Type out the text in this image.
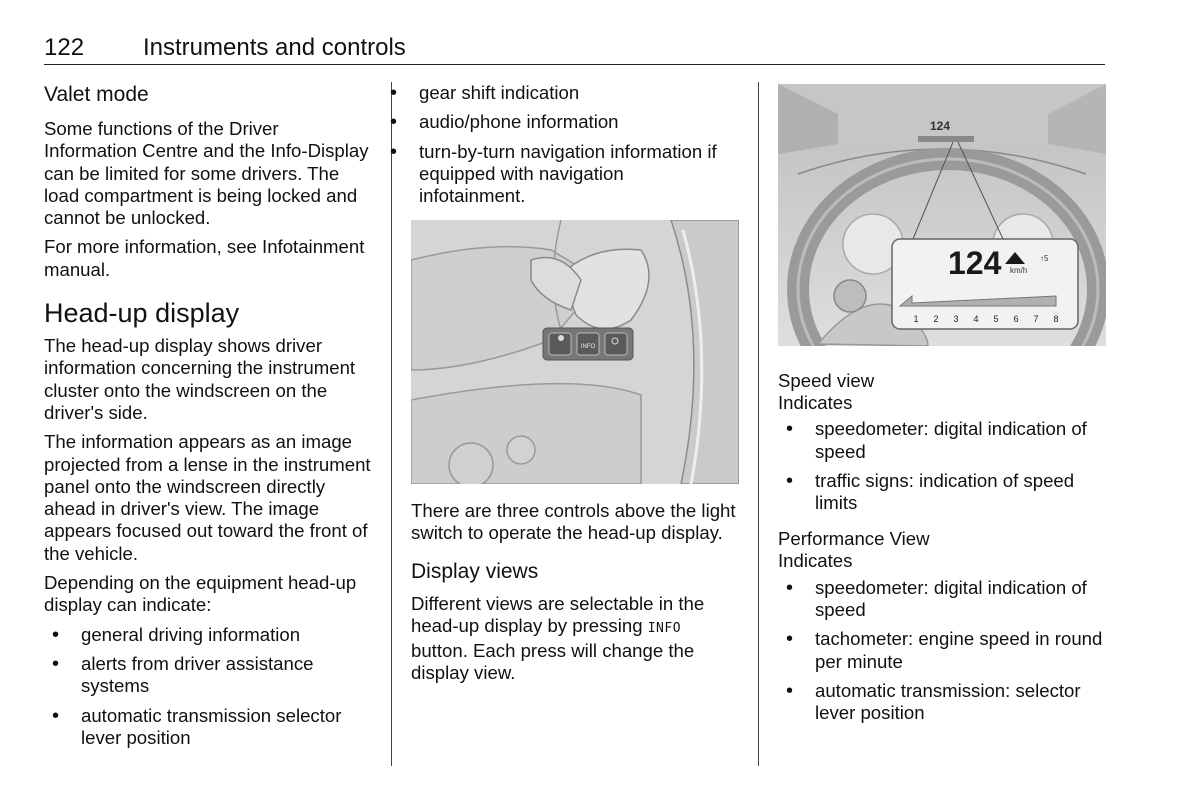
122 Instruments and controls
Valet mode

Some functions of the Driver Information Centre and the Info-Display can be limited for some drivers. The load compartment is being locked and cannot be unlocked.

For more information, see Infotainment manual.

Head-up display

The head-up display shows driver information concerning the instrument cluster onto the windscreen on the driver's side.

The information appears as an image projected from a lense in the instrument panel onto the windscreen directly ahead in driver's view. The image appears focused out toward the front of the vehicle.

Depending on the equipment head-up display can indicate:

• general driving information
• alerts from driver assistance systems
• automatic transmission selector lever position
• gear shift indication
• audio/phone information
• turn-by-turn navigation information if equipped with navigation infotainment.
INFO

There are three controls above the light switch to operate the head-up display.

Display views

Different views are selectable in the head-up display by pressing INFO button. Each press will change the display view.

124
124 km/h
↑5
1 2 3 4 5 6 7 8
Speed view

Indicates

• speedometer: digital indication of speed
• traffic signs: indication of speed limits
Performance View

Indicates

• speedometer: digital indication of speed
• tachometer: engine speed in round per minute
• automatic transmission: selector lever position
